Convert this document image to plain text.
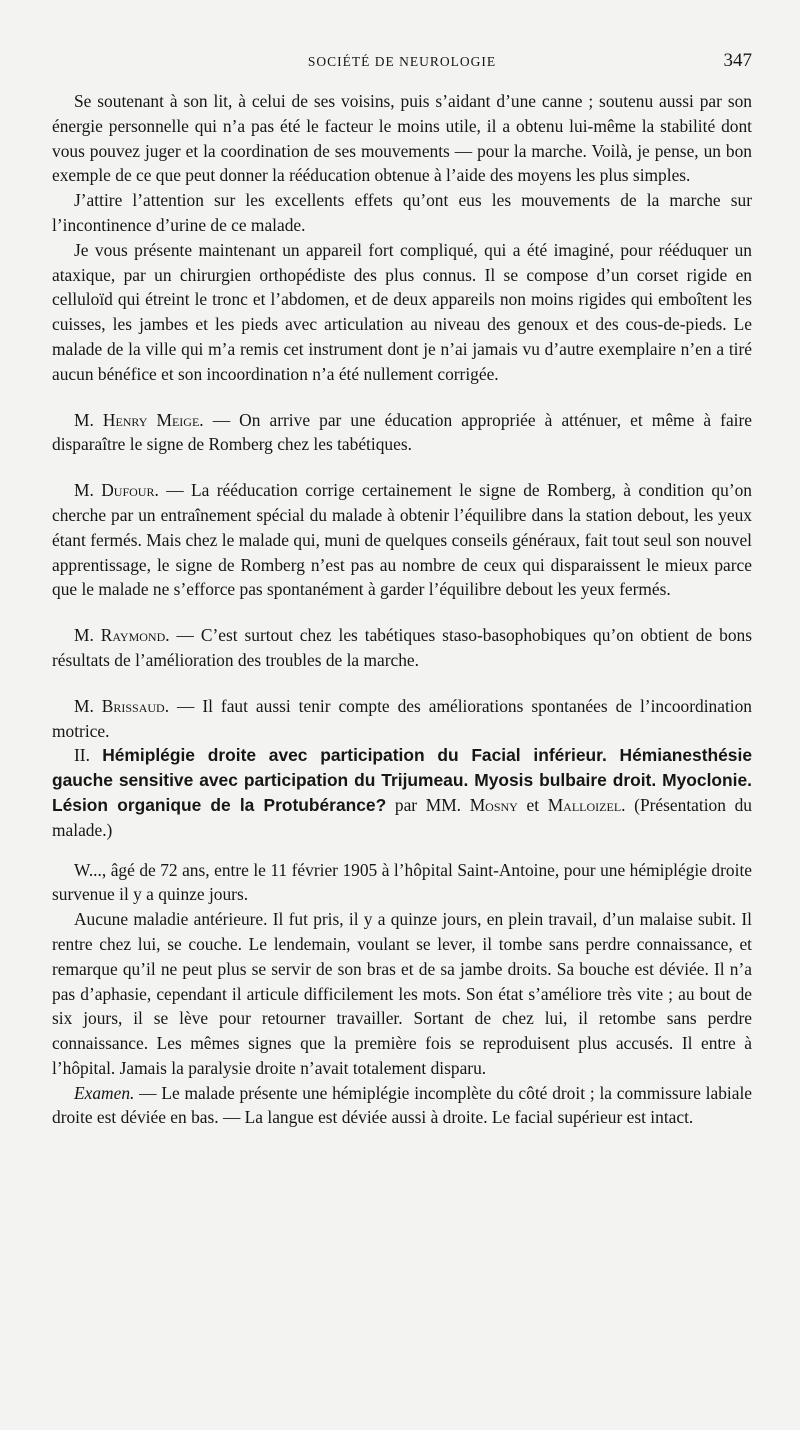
SOCIÉTÉ DE NEUROLOGIE	347

Se soutenant à son lit, à celui de ses voisins, puis s’aidant d’une canne ; soutenu aussi par son énergie personnelle qui n’a pas été le facteur le moins utile, il a obtenu lui-même la stabilité dont vous pouvez juger et la coordination de ses mouvements — pour la marche. Voilà, je pense, un bon exemple de ce que peut donner la rééducation obtenue à l’aide des moyens les plus simples.

J’attire l’attention sur les excellents effets qu’ont eus les mouvements de la marche sur l’incontinence d’urine de ce malade.

Je vous présente maintenant un appareil fort compliqué, qui a été imaginé, pour rééduquer un ataxique, par un chirurgien orthopédiste des plus connus. Il se compose d’un corset rigide en celluloïd qui étreint le tronc et l’abdomen, et de deux appareils non moins rigides qui emboîtent les cuisses, les jambes et les pieds avec articulation au niveau des genoux et des cous-de-pieds. Le malade de la ville qui m’a remis cet instrument dont je n’ai jamais vu d’autre exemplaire n’en a tiré aucun bénéfice et son incoordination n’a été nullement corrigée.

M. Henry Meige. — On arrive par une éducation appropriée à atténuer, et même à faire disparaître le signe de Romberg chez les tabétiques.

M. Dufour. — La rééducation corrige certainement le signe de Romberg, à condition qu’on cherche par un entraînement spécial du malade à obtenir l’équilibre dans la station debout, les yeux étant fermés. Mais chez le malade qui, muni de quelques conseils généraux, fait tout seul son nouvel apprentissage, le signe de Romberg n’est pas au nombre de ceux qui disparaissent le mieux parce que le malade ne s’efforce pas spontanément à garder l’équilibre debout les yeux fermés.

M. Raymond. — C’est surtout chez les tabétiques staso-basophobiques qu’on obtient de bons résultats de l’amélioration des troubles de la marche.

M. Brissaud. — Il faut aussi tenir compte des améliorations spontanées de l’incoordination motrice.

II. Hémiplégie droite avec participation du Facial inférieur. Hémianesthésie gauche sensitive avec participation du Trijumeau. Myosis bulbaire droit. Myoclonie. Lésion organique de la Protubérance? par MM. Mosny et Malloizel. (Présentation du malade.)

W..., âgé de 72 ans, entre le 11 février 1905 à l’hôpital Saint-Antoine, pour une hémiplégie droite survenue il y a quinze jours.

Aucune maladie antérieure. Il fut pris, il y a quinze jours, en plein travail, d’un malaise subit. Il rentre chez lui, se couche. Le lendemain, voulant se lever, il tombe sans perdre connaissance, et remarque qu’il ne peut plus se servir de son bras et de sa jambe droits. Sa bouche est déviée. Il n’a pas d’aphasie, cependant il articule difficilement les mots. Son état s’améliore très vite ; au bout de six jours, il se lève pour retourner travailler. Sortant de chez lui, il retombe sans perdre connaissance. Les mêmes signes que la première fois se reproduisent plus accusés. Il entre à l’hôpital. Jamais la paralysie droite n’avait totalement disparu.

Examen. — Le malade présente une hémiplégie incomplète du côté droit ; la commissure labiale droite est déviée en bas. — La langue est déviée aussi à droite. Le facial supérieur est intact.
